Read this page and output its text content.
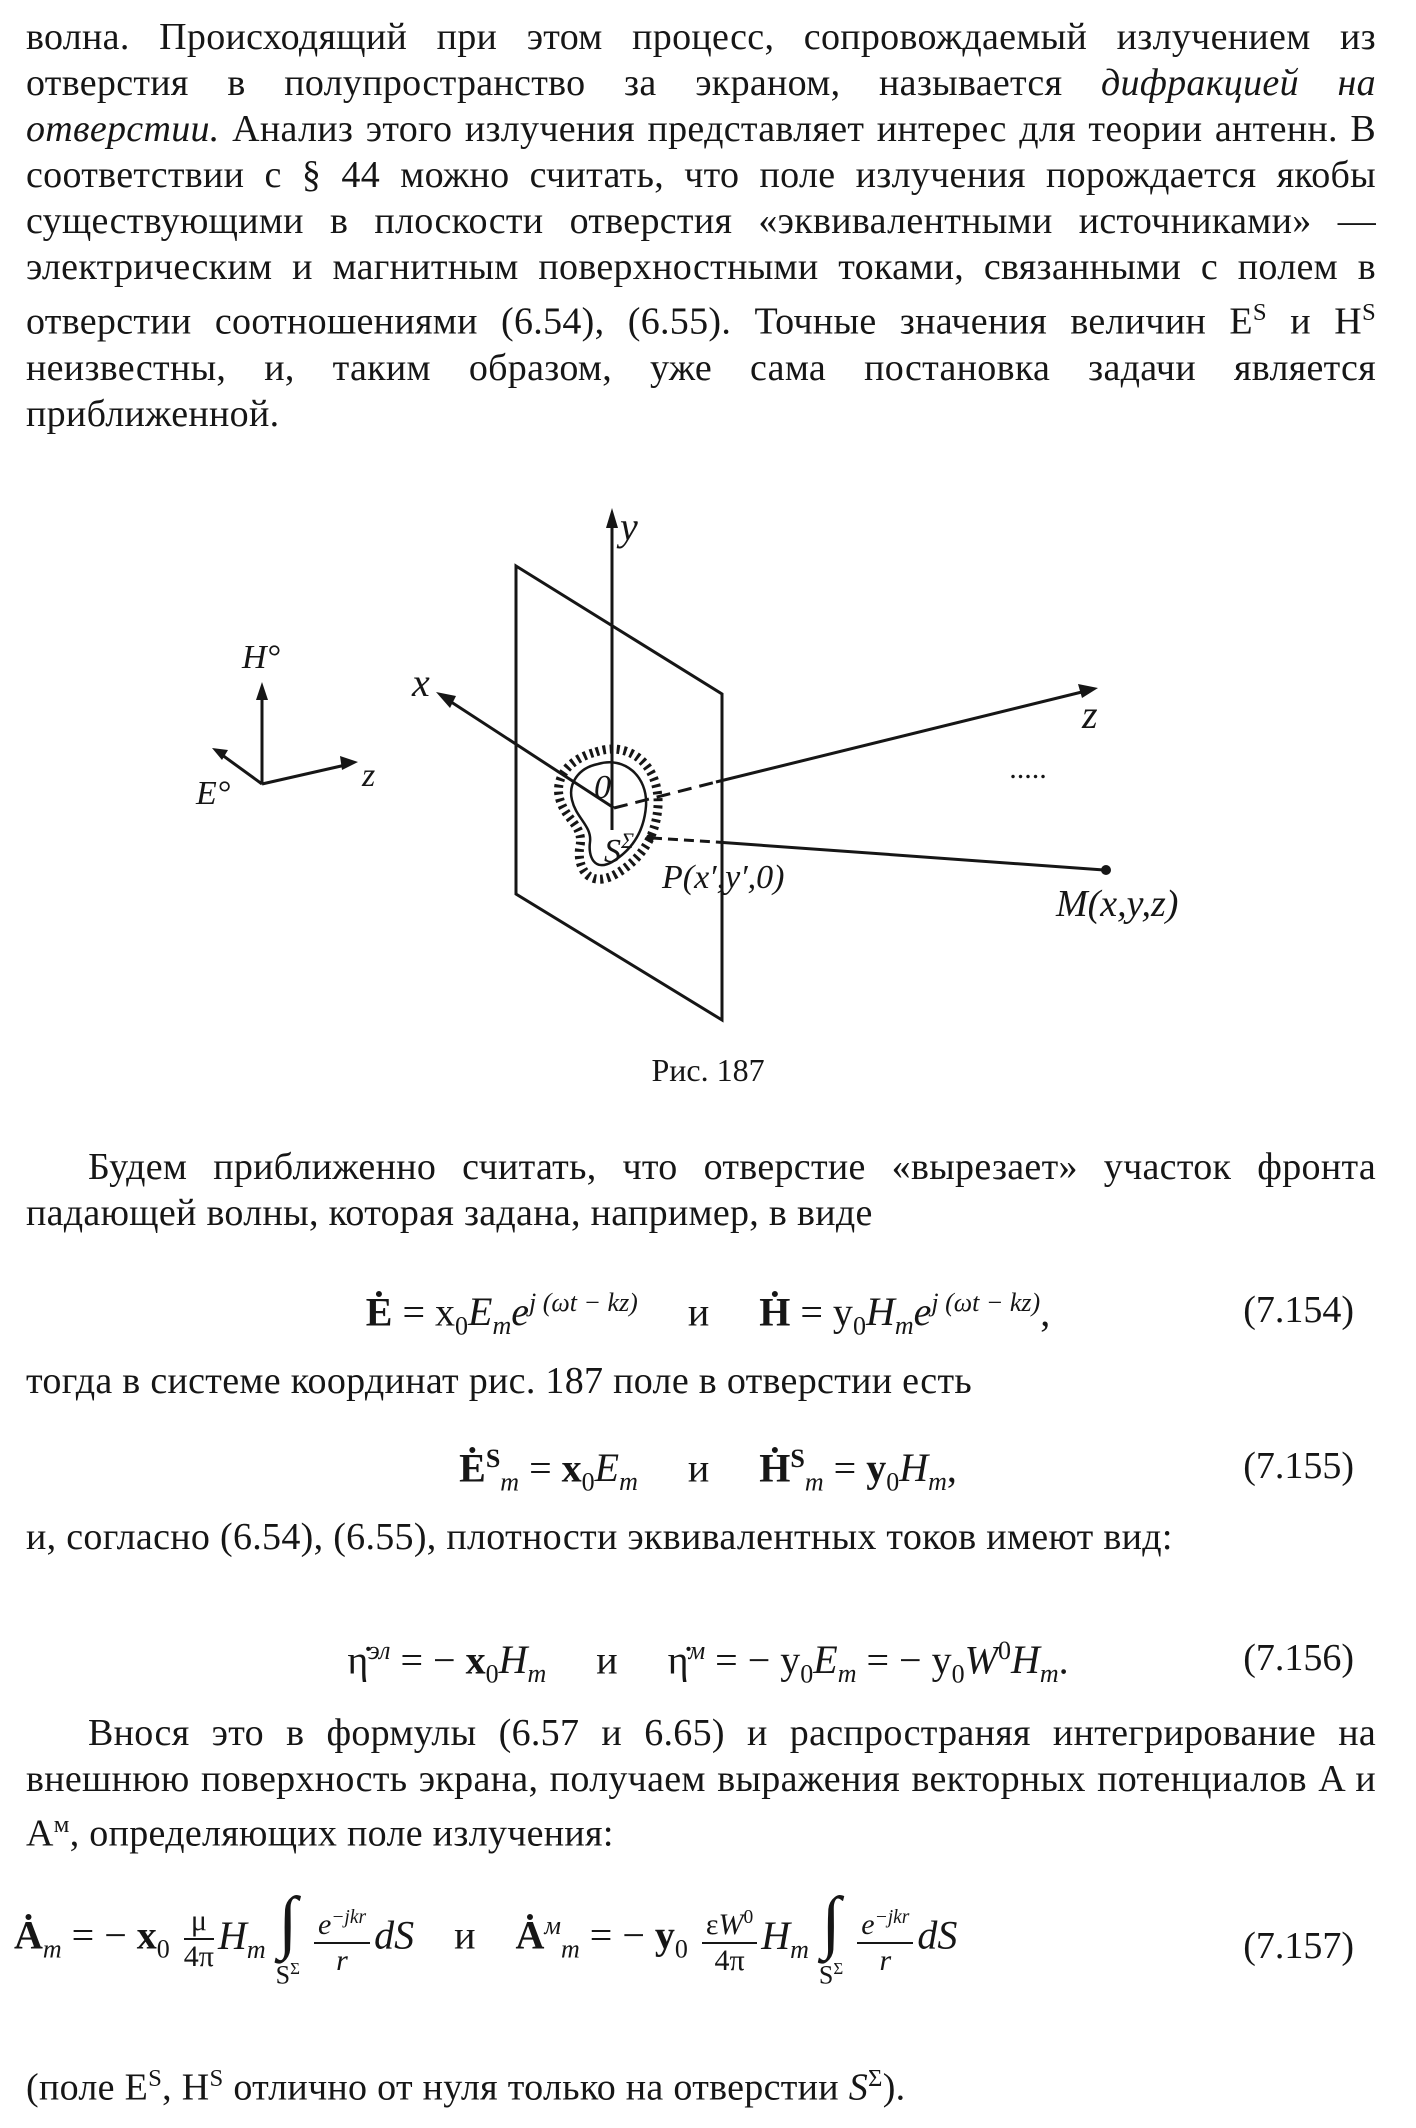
волна. Происходящий при этом процесс, сопровождаемый излучением из отверстия в полупространство за экраном, называется дифракцией на отверстии. Анализ этого излучения представляет интерес для теории антенн. В соответствии с § 44 можно считать, что поле излучения порождается якобы существующими в плоскости отверстия «эквивалентными источниками» — электрическим и магнитным поверхностными токами, связанными с полем в отверстии соотношениями (6.54), (6.55). Точные значения величин $E^S$ и $H^S$ неизвестны, и, таким образом, уже сама постановка задачи является приближенной.

.....
y
x
z
0
$S^\Sigma$
P(x′,y′,0)
M(x,y,z)
H°
E°	z
Рис. 187

Будем приближенно считать, что отверстие «вырезает» участок фронта падающей волны, которая задана, например, в виде

Ė = $x_0E_me^{j (\omega t - kz)}$ и Ḣ = $y_0H_me^{j (\omega t - kz)}$,	(7.154)

тогда в системе координат рис. 187 поле в отверстии есть

$Ė^S_m = x_0E_m$ и Ḣ$^S_m$ = $y_0H_m$,	(7.155)

и, согласно (6.54), (6.55), плотности эквивалентных токов имеют вид:

η̇$^{эл}$ = − $x_0H_m$ и     η̇$^м$ = − $y_0E_m$ = − $y_0W^0H_m$.	(7.156)

Внося это в формулы (6.57 и 6.65) и распространяя интегрирование на внешнюю поверхность экрана, получаем выражения векторных потенциалов A и $A^м$, определяющих поле излучения:

$Ȧ_m$ = − $x_0 \frac{\mu}{4\pi} H_m$ ∫
$S^\Sigma$
$\frac{e^{-jkr}}{r}$ dS и $Ȧ^м_m$ = − $y_0 \frac{\varepsilon W^0}{4\pi} H_m$ ∫
$S^\Sigma$
$\frac{e^{-jkr}}{r}$ dS	(7.157)

(поле $E^S$, $H^S$ отлично от нуля только на отверстии $S^\Sigma$).
